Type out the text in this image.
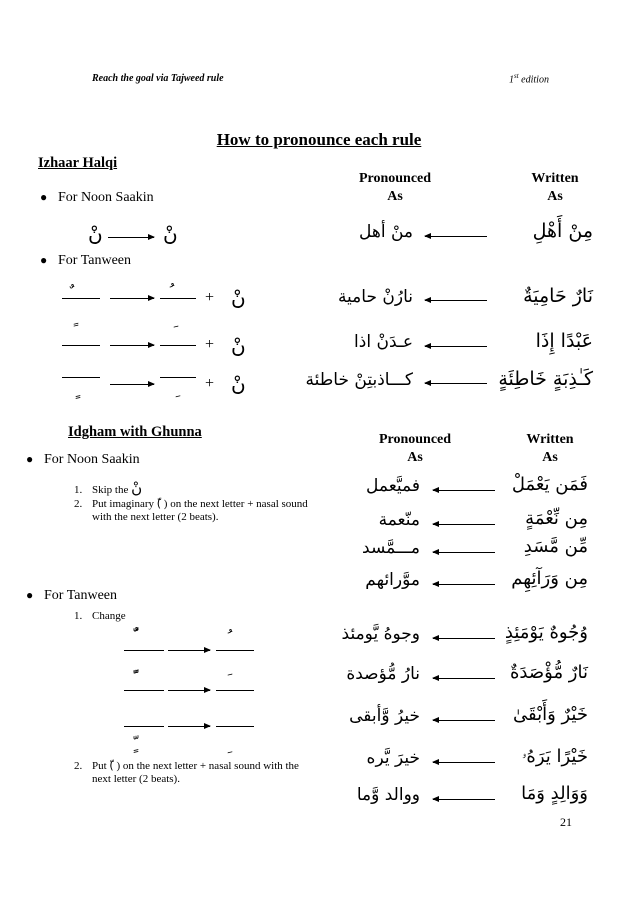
Reach the goal via Tajweed rule	1st edition
How to pronounce each rule
Izhaar Halqi
Pronounced
As
Written
As
● For Noon Saakin
نْ	نْ
● For Tanween
+ نْ
+ نْ
+ نْ
منْ أهل	مِنْ أَهْلِ
نارُنْ حامية	نَارٌ حَامِيَةٌ
عـدَنْ اذا	عَبْدًا إِذَا
كـــاذبتِنْ خاطئة	كَـٰذِبَةٍ خَاطِئَةٍ
Idgham with Ghunna	Pronounced
As
Written
As
● For Noon Saakin
1. Skip the نْ
2. Put imaginary (ّ ) on the next letter + nasal sound with the next letter (2 beats).
● For Tanween
1. Change
2. Put (ّ ) on the next letter + nasal sound with the next letter (2 beats).
فميَّعمل	فَمَن يَعْمَلْ
منّعمة	مِن نِّعْمَةٍ
مـــمَّسد	مِّن مَّسَدِ
موَّرائهم	مِن وَرَآئِهِم
وجوهُ يَّومئذ	وُجُوهٌ يَوْمَئِذٍ
نارُ مُّؤصدة	نَارٌ مُّؤْصَدَةٌ
خيرُ وَّأبقى	خَيْرٌ وَأَبْقَىٰ
خيرَ يَّره	خَيْرًا يَرَهُۥ
ووالد وَّما	وَوَالِدٍ وَمَا
21
